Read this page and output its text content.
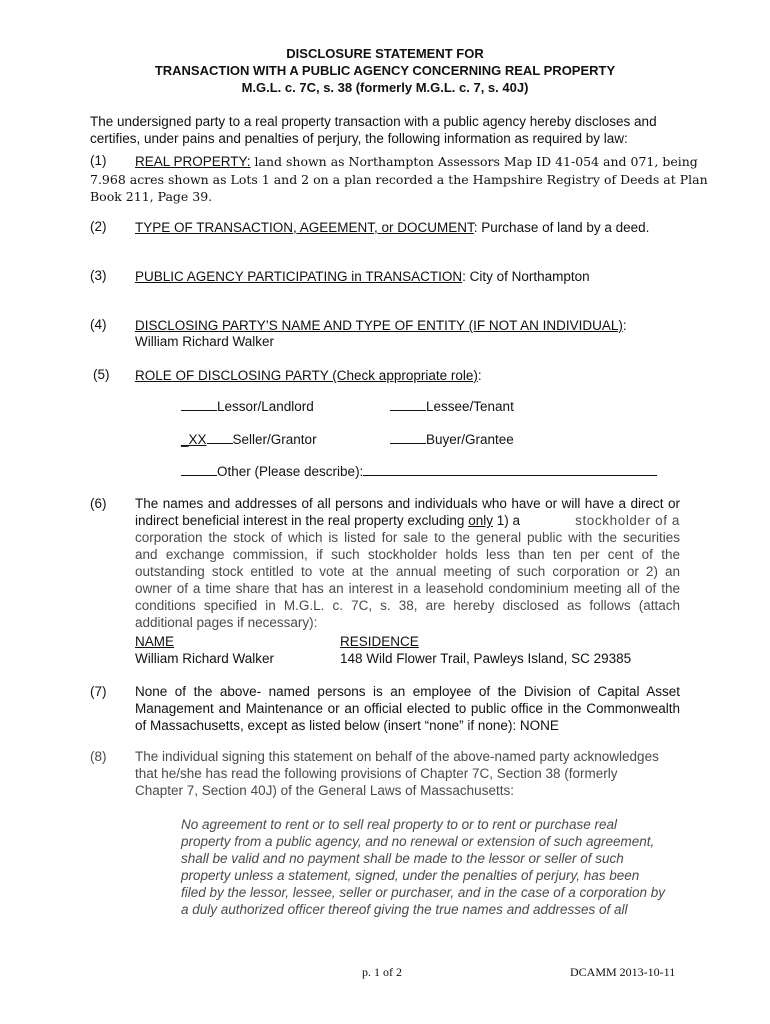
DISCLOSURE STATEMENT FOR
TRANSACTION WITH A PUBLIC AGENCY CONCERNING REAL PROPERTY
M.G.L. c. 7C, s. 38 (formerly M.G.L. c. 7, s. 40J)
The undersigned party to a real property transaction with a public agency hereby discloses and
certifies, under pains and penalties of perjury, the following information as required by law:
(1) REAL PROPERTY: land shown as Northampton Assessors Map ID 41-054 and 071, being
7.968 acres shown as Lots 1 and 2 on a plan recorded a the Hampshire Registry of Deeds at Plan
Book 211, Page 39.
(2) TYPE OF TRANSACTION, AGEEMENT, or DOCUMENT: Purchase of land by a deed.
(3) PUBLIC AGENCY PARTICIPATING in TRANSACTION: City of Northampton
(4) DISCLOSING PARTY’S NAME AND TYPE OF ENTITY (IF NOT AN INDIVIDUAL):
William Richard Walker
(5) ROLE OF DISCLOSING PARTY (Check appropriate role):
Lessor/Landlord	Lessee/Tenant
_XX Seller/Grantor	Buyer/Grantee
Other (Please describe):
(6) The names and addresses of all persons and individuals who have or will have a direct or
indirect beneficial interest in the real property excluding only 1) a	stockholder of a
corporation the stock of which is listed for sale to the general public with the securities
and exchange commission, if such stockholder holds less than ten per cent of the
outstanding stock entitled to vote at the annual meeting of such corporation or 2) an
owner of a time share that has an interest in a leasehold condominium meeting all of the
conditions specified in M.G.L. c. 7C, s. 38, are hereby disclosed as follows (attach
additional pages if necessary):
NAME	RESIDENCE
William Richard Walker	148 Wild Flower Trail, Pawleys Island, SC 29385
(7) None of the above- named persons is an employee of the Division of Capital Asset
Management and Maintenance or an official elected to public office in the Commonwealth
of Massachusetts, except as listed below (insert “none” if none): NONE
(8) The individual signing this statement on behalf of the above-named party acknowledges
that he/she has read the following provisions of Chapter 7C, Section 38 (formerly
Chapter 7, Section 40J) of the General Laws of Massachusetts:
No agreement to rent or to sell real property to or to rent or purchase real
property from a public agency, and no renewal or extension of such agreement,
shall be valid and no payment shall be made to the lessor or seller of such
property unless a statement, signed, under the penalties of perjury, has been
filed by the lessor, lessee, seller or purchaser, and in the case of a corporation by
a duly authorized officer thereof giving the true names and addresses of all
p. 1 of 2	DCAMM 2013-10-11
